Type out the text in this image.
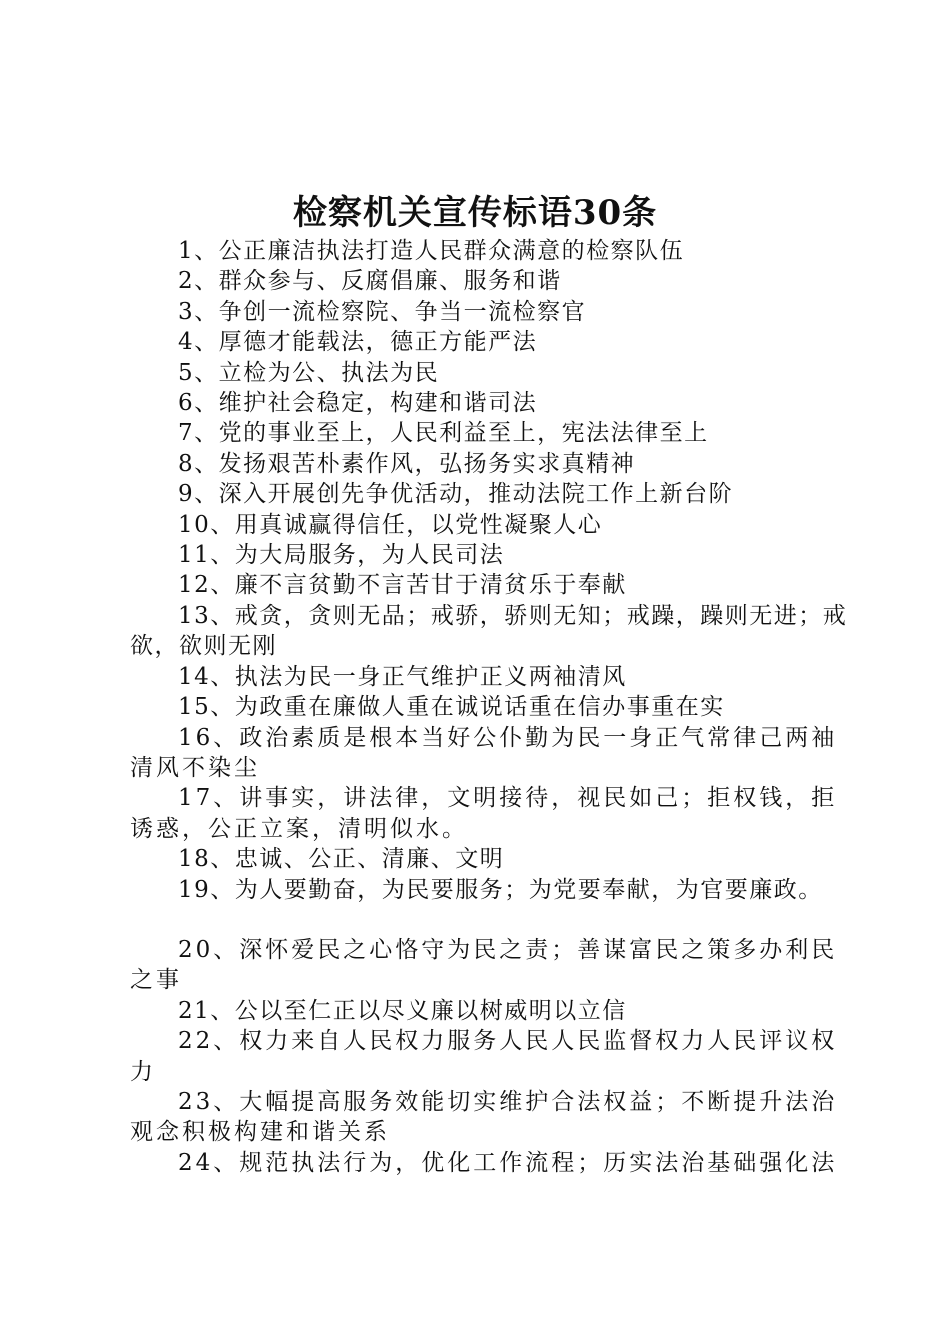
检察机关宣传标语30条

1、公正廉洁执法打造人民群众满意的检察队伍

2、群众参与、反腐倡廉、服务和谐

3、争创一流检察院、争当一流检察官

4、厚德才能载法，德正方能严法

5、立检为公、执法为民

6、维护社会稳定，构建和谐司法

7、党的事业至上，人民利益至上，宪法法律至上

8、发扬艰苦朴素作风，弘扬务实求真精神

9、深入开展创先争优活动，推动法院工作上新台阶

10、用真诚赢得信任，以党性凝聚人心

11、为大局服务，为人民司法

12、廉不言贫勤不言苦甘于清贫乐于奉献

13、戒贪，贪则无品；戒骄，骄则无知；戒躁，躁则无进；戒欲，欲则无刚

14、执法为民一身正气维护正义两袖清风

15、为政重在廉做人重在诚说话重在信办事重在实

16、政治素质是根本当好公仆勤为民一身正气常律己两袖清风不染尘

17、讲事实，讲法律，文明接待，视民如己；拒权钱，拒诱惑，公正立案，清明似水。

18、忠诚、公正、清廉、文明

19、为人要勤奋，为民要服务；为党要奉献，为官要廉政。

20、深怀爱民之心恪守为民之责；善谋富民之策多办利民之事

21、公以至仁正以尽义廉以树威明以立信

22、权力来自人民权力服务人民人民监督权力人民评议权力

23、大幅提高服务效能切实维护合法权益；不断提升法治观念积极构建和谐关系

24、规范执法行为，优化工作流程；历实法治基础强化法
